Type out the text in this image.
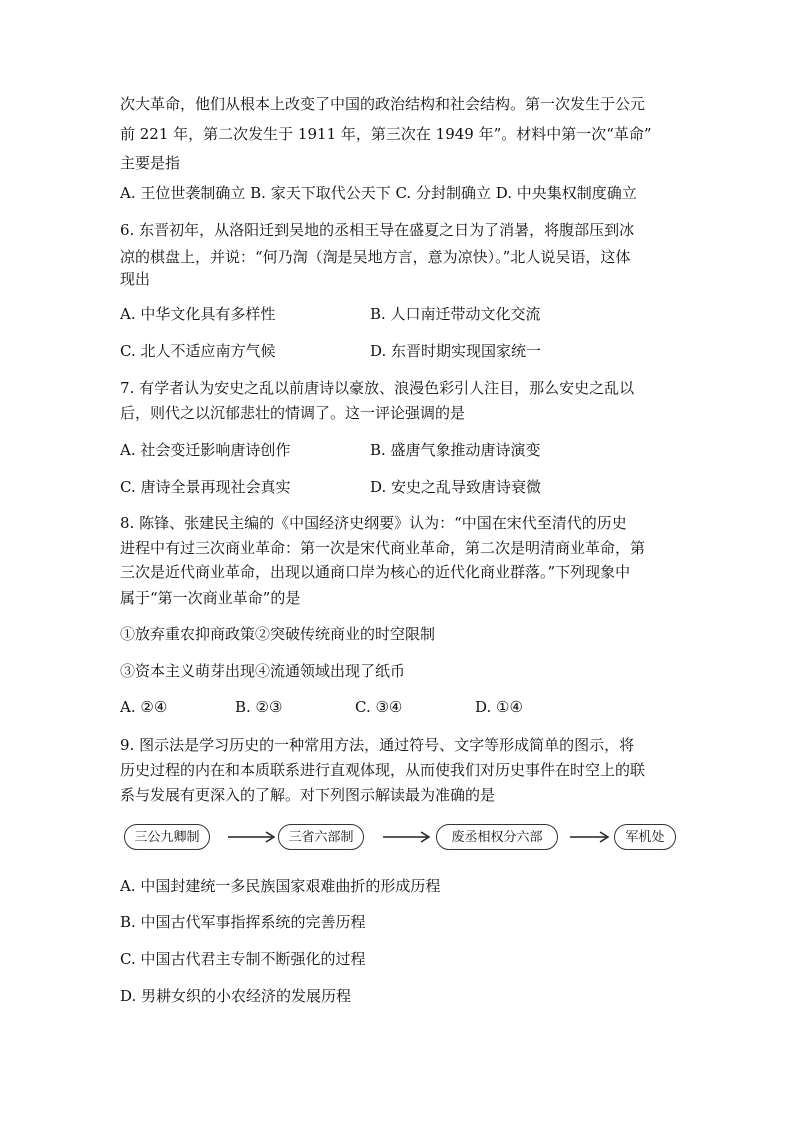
次大革命，他们从根本上改变了中国的政治结构和社会结构。第一次发生于公元
前 221 年，第二次发生于 1911 年，第三次在 1949 年”。材料中第一次“革命”
主要是指
A. 王位世袭制确立 B. 家天下取代公天下 C. 分封制确立 D. 中央集权制度确立
6. 东晋初年，从洛阳迁到吴地的丞相王导在盛夏之日为了消暑，将腹部压到冰
凉的棋盘上，并说：“何乃渹（渹是吴地方言，意为凉快）。”北人说吴语，这体
现出
A. 中华文化具有多样性	B. 人口南迁带动文化交流
C. 北人不适应南方气候	D. 东晋时期实现国家统一
7. 有学者认为安史之乱以前唐诗以豪放、浪漫色彩引人注目，那么安史之乱以
后，则代之以沉郁悲壮的情调了。这一评论强调的是
A. 社会变迁影响唐诗创作	B. 盛唐气象推动唐诗演变
C. 唐诗全景再现社会真实	D. 安史之乱导致唐诗衰微
8. 陈锋、张建民主编的《中国经济史纲要》认为：“中国在宋代至清代的历史
进程中有过三次商业革命：第一次是宋代商业革命，第二次是明清商业革命，第
三次是近代商业革命，出现以通商口岸为核心的近代化商业群落。”下列现象中
属于“第一次商业革命”的是
①放弃重农抑商政策②突破传统商业的时空限制
③资本主义萌芽出现④流通领域出现了纸币
A. ②④	B. ②③	C. ③④	D. ①④
9. 图示法是学习历史的一种常用方法，通过符号、文字等形成简单的图示，将
历史过程的内在和本质联系进行直观体现，从而使我们对历史事件在时空上的联
系与发展有更深入的了解。对下列图示解读最为准确的是
三公九卿制	三省六部制	废丞相权分六部	军机处
A. 中国封建统一多民族国家艰难曲折的形成历程
B. 中国古代军事指挥系统的完善历程
C. 中国古代君主专制不断强化的过程
D. 男耕女织的小农经济的发展历程
